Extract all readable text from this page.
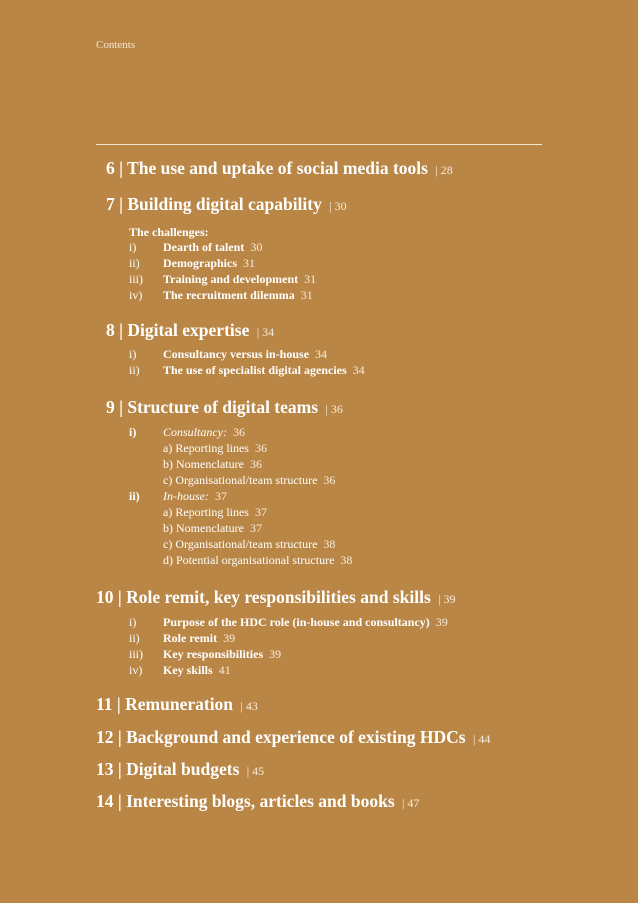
Contents
6 | The use and uptake of social media tools  | 28
7 | Building digital capability  | 30
The challenges:
i) Dearth of talent 30
ii) Demographics 31
iii) Training and development 31
iv) The recruitment dilemma 31
8 | Digital expertise  | 34
i) Consultancy versus in-house 34
ii) The use of specialist digital agencies 34
9 | Structure of digital teams  | 36
i) Consultancy: 36
a) Reporting lines 36
b) Nomenclature 36
c) Organisational/team structure 36
ii) In-house: 37
a) Reporting lines 37
b) Nomenclature 37
c) Organisational/team structure 38
d) Potential organisational structure 38
10 | Role remit, key responsibilities and skills  | 39
i) Purpose of the HDC role (in-house and consultancy) 39
ii) Role remit 39
iii) Key responsibilities 39
iv) Key skills 41
11 | Remuneration  | 43
12 | Background and experience of existing HDCs  | 44
13 | Digital budgets  | 45
14 | Interesting blogs, articles and books  | 47
